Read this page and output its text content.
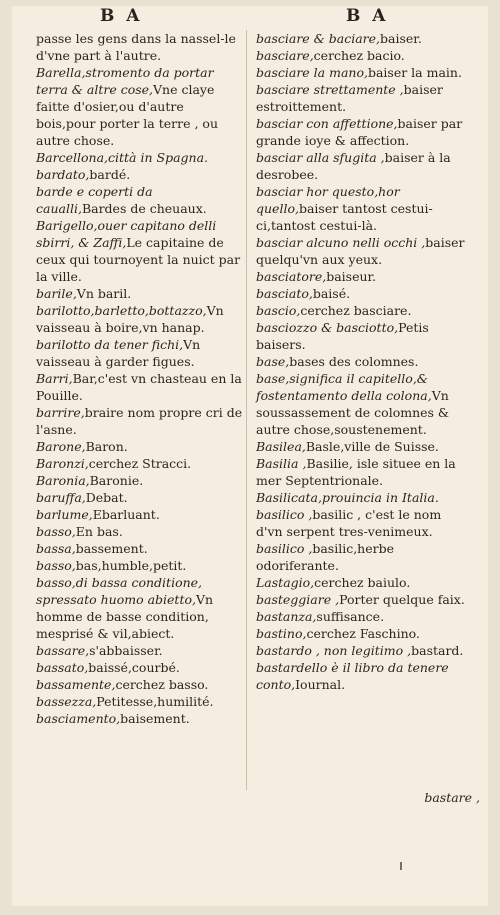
B A	B A

passe les gens dans la nassel-le d'vne part à l'autre.

Barella,stromento da portar terra & altre cose,Vne claye faitte d'osier,ou d'autre bois,pour porter la terre , ou autre chose.

Barcellona,città in Spagna.

bardato,bardé.

barde e coperti da caualli,Bardes de cheuaux.

Barigello,ouer capitano delli sbirri, & Zaffi,Le capitaine de ceux qui tournoyent la nuict par la ville.

barile,Vn baril.

barilotto,barletto,bottazzo,Vn vaisseau à boire,vn hanap.

barilotto da tener fichi,Vn vaisseau à garder figues.

Barri,Bar,c'est vn chasteau en la Pouille.

barrire,braire nom propre cri de l'asne.

Barone,Baron.

Baronzi,cerchez Stracci.

Baronia,Baronie.

baruffa,Debat.

barlume,Ebarluant.

basso,En bas.

bassa,bassement.

basso,bas,humble,petit.

basso,di bassa conditione, spressato huomo abietto,Vn homme de basse condition, mesprisé & vil,abiect.

bassare,s'abbaisser.

bassato,baissé,courbé.

bassamente,cerchez basso.

bassezza,Petitesse,humilité.

basciamento,baisement.

basciare & baciare,baiser.

basciare,cerchez bacio.

basciare la mano,baiser la main.

basciare strettamente ,baiser estroittement.

basciar con affettione,baiser par grande ioye & affection.

basciar alla sfugita ,baiser à la desrobee.

basciar hor questo,hor quello,baiser tantost cestui-ci,tantost cestui-là.

basciar alcuno nelli occhi ,baiser quelqu'vn aux yeux.

basciatore,baiseur.

basciato,baisé.

bascio,cerchez basciare.

basciozzo & basciotto,Petis baisers.

base,bases des colomnes.

base,significa il capitello,& fostentamento della colona,Vn soussassement de colomnes & autre chose,soustenement.

Basilea,Basle,ville de Suisse.

Basilia ,Basilie, isle situee en la mer Septentrionale.

Basilicata,prouincia in Italia.

basilico ,basilic , c'est le nom d'vn serpent tres-venimeux.

basilico ,basilic,herbe odoriferante.

Lastagio,cerchez baiulo.

basteggiare ,Porter quelque faix.

bastanza,suffisance.

bastino,cerchez Faschino.

bastardo , non legitimo ,bastard.

bastardello è il libro da tenere conto,Iournal.

bastare ,
